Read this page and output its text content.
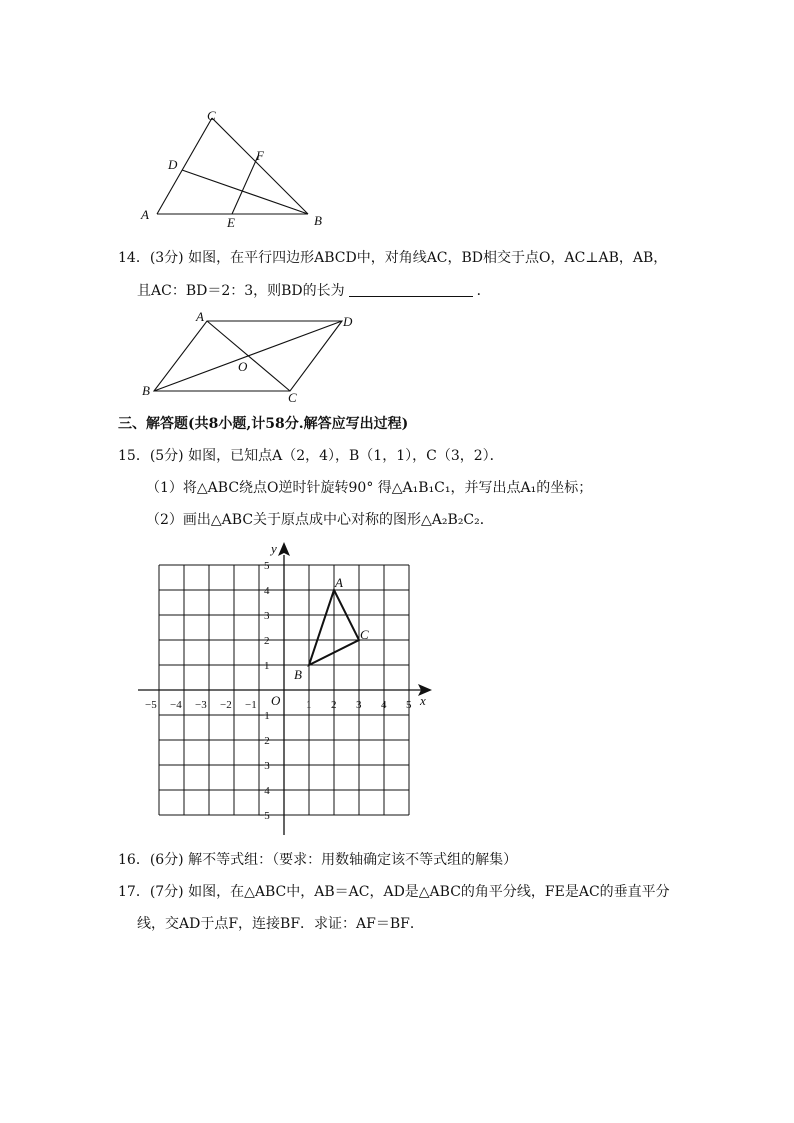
C
D
F
A
E	B
14．(3分) 如图，在平行四边形ABCD中，对角线AC，BD相交于点O，AC⊥AB，AB，
且AC：BD＝2：3，则BD的长为	．
A	D
O
B	C
三、解答题(共8小题,计58分.解答应写出过程)
15．(5分) 如图，已知点A（2，4），B（1，1），C（3，2）．
（1）将△ABC绕点O逆时针旋转90° 得△A₁B₁C₁，并写出点A₁的坐标；
（2）画出△ABC关于原点成中心对称的图形△A₂B₂C₂．
x
y
O
−5 −4 −3 −2 −1	1 2 3 4 5
5
4
3
2
1
−1
−2
−3
−4
−5
A
B
C
16．(6分) 解不等式组：（要求：用数轴确定该不等式组的解集）
17．(7分) 如图，在△ABC中，AB＝AC，AD是△ABC的角平分线，FE是AC的垂直平分
线，交AD于点F，连接BF．求证：AF＝BF．
